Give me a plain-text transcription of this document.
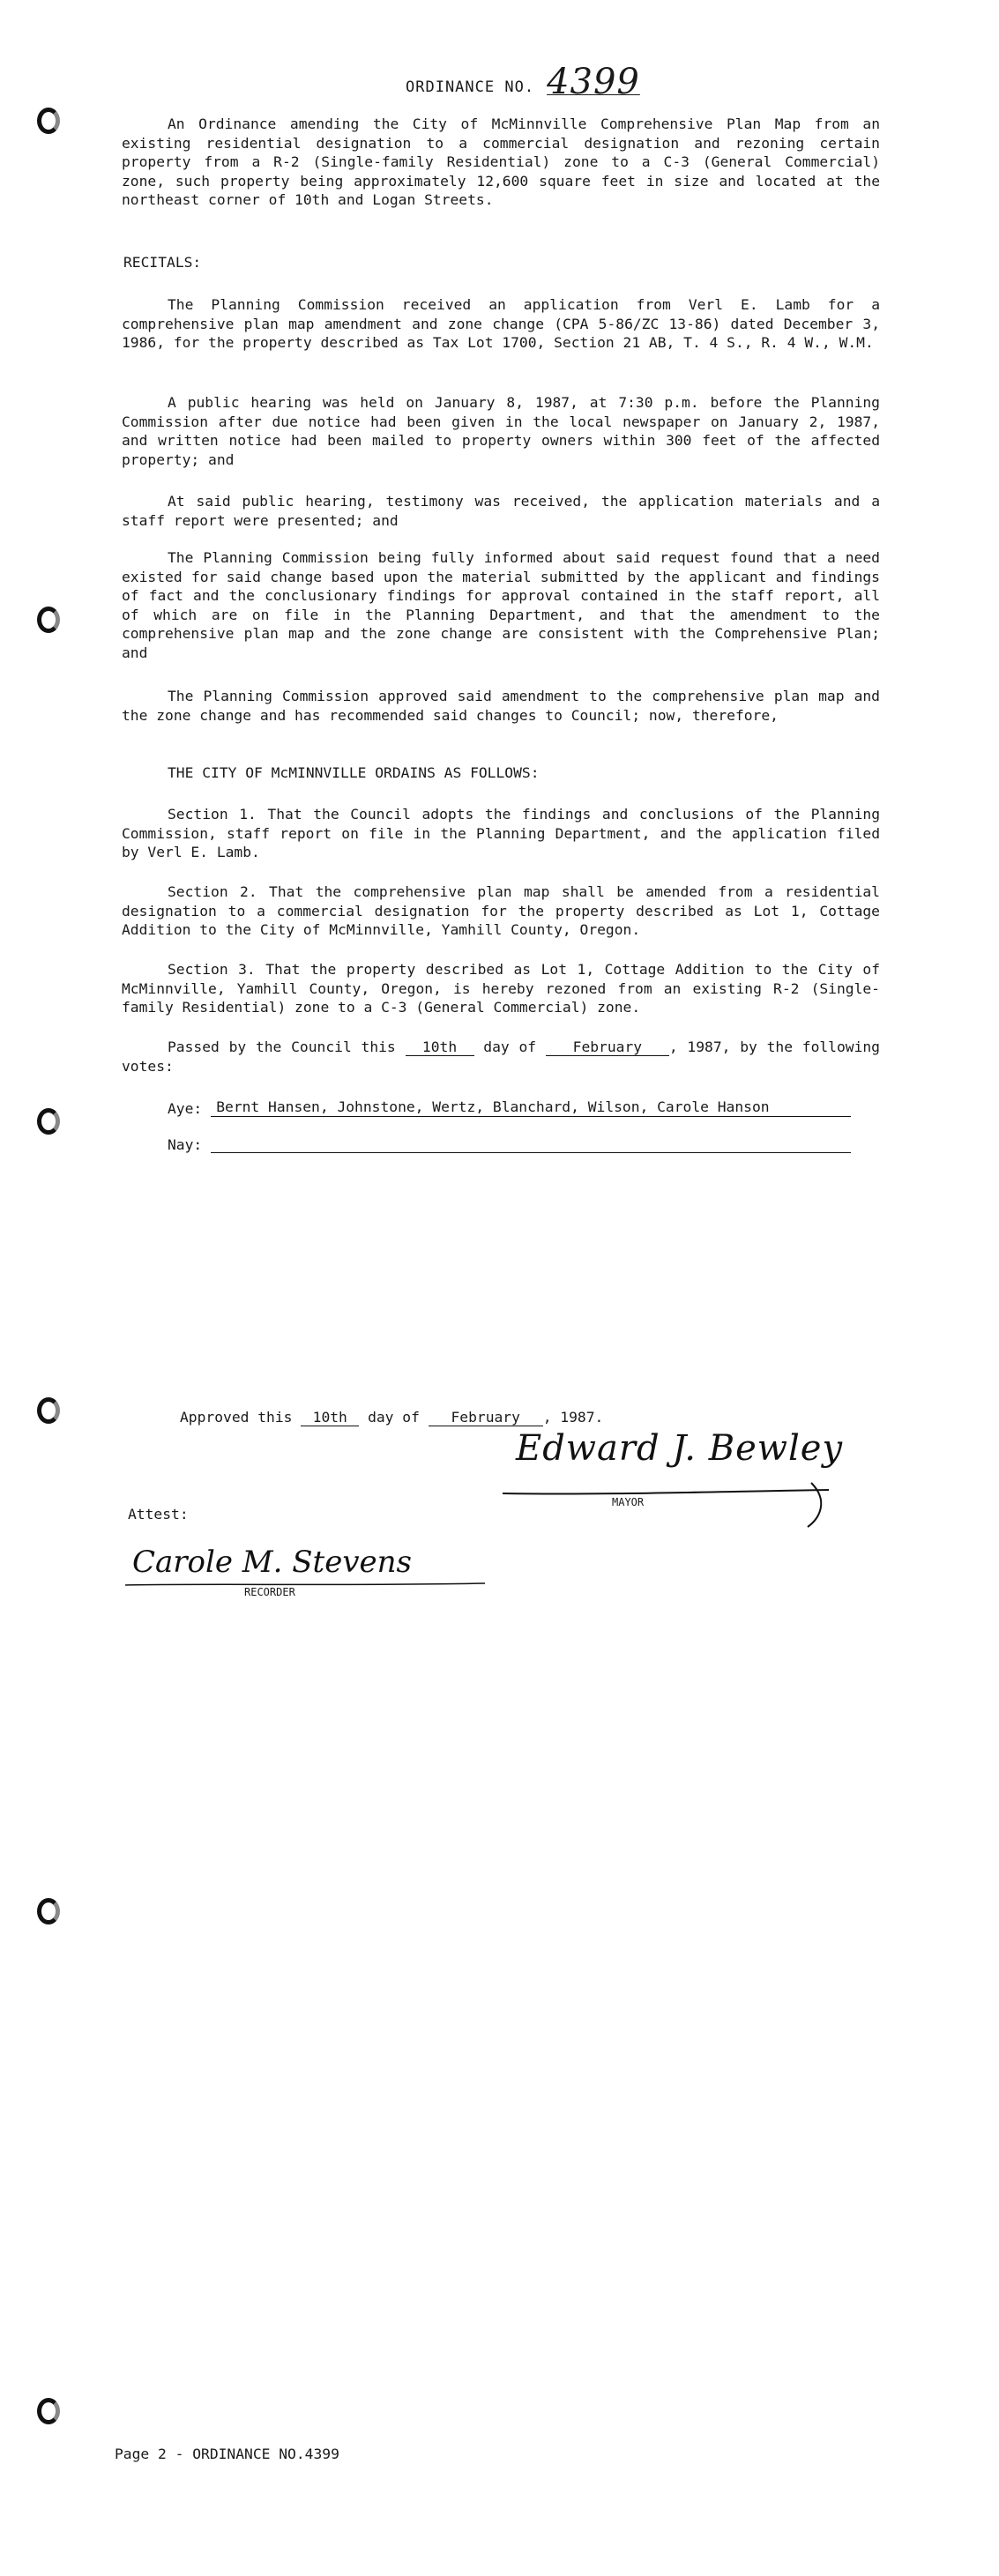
ORDINANCE NO. 4399
An Ordinance amending the City of McMinnville Comprehensive Plan Map from an existing residential designation to a commercial designation and rezoning certain property from a R-2 (Single-family Residential) zone to a C-3 (General Commercial) zone, such property being approximately 12,600 square feet in size and located at the northeast corner of 10th and Logan Streets.
RECITALS:
The Planning Commission received an application from Verl E. Lamb for a comprehensive plan map amendment and zone change (CPA 5-86/ZC 13-86) dated December 3, 1986, for the property described as Tax Lot 1700, Section 21 AB, T. 4 S., R. 4 W., W.M.
A public hearing was held on January 8, 1987, at 7:30 p.m. before the Planning Commission after due notice had been given in the local newspaper on January 2, 1987, and written notice had been mailed to property owners within 300 feet of the affected property; and
At said public hearing, testimony was received, the application materials and a staff report were presented; and
The Planning Commission being fully informed about said request found that a need existed for said change based upon the material submitted by the applicant and findings of fact and the conclusionary findings for approval contained in the staff report, all of which are on file in the Planning Department, and that the amendment to the comprehensive plan map and the zone change are consistent with the Comprehensive Plan; and
The Planning Commission approved said amendment to the comprehensive plan map and the zone change and has recommended said changes to Council; now, therefore,
THE CITY OF McMINNVILLE ORDAINS AS FOLLOWS:
Section 1. That the Council adopts the findings and conclusions of the Planning Commission, staff report on file in the Planning Department, and the application filed by Verl E. Lamb.
Section 2. That the comprehensive plan map shall be amended from a residential designation to a commercial designation for the property described as Lot 1, Cottage Addition to the City of McMinnville, Yamhill County, Oregon.
Section 3. That the property described as Lot 1, Cottage Addition to the City of McMinnville, Yamhill County, Oregon, is hereby rezoned from an existing R-2 (Single-family Residential) zone to a C-3 (General Commercial) zone.
Passed by the Council this 10th day of	February , 1987, by the following votes:
Aye: Bernt Hansen, Johnstone, Wertz, Blanchard, Wilson, Carole Hanson
Nay:
Approved this 10th day of February , 1987.
Edward J. Bewley
MAYOR
Attest:
Carole M. Stevens
RECORDER
Page 2 - ORDINANCE NO.4399
